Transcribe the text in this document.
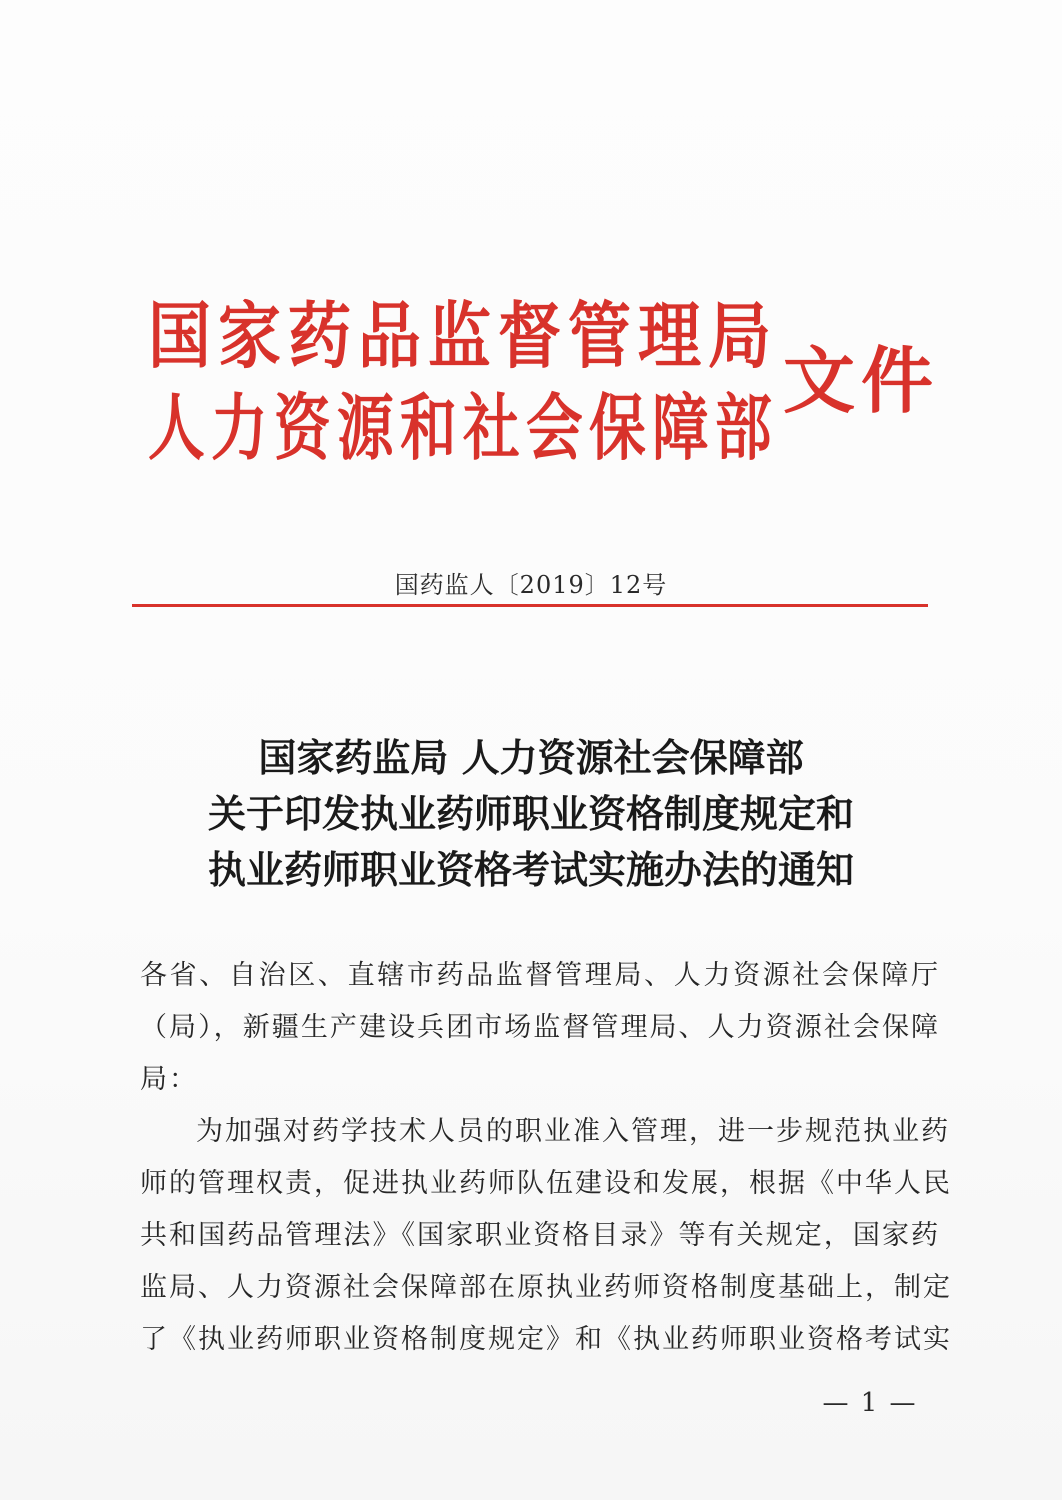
国家药品监督管理局
人力资源和社会保障部
文件
国药监人〔2019〕12号
国家药监局 人力资源社会保障部
关于印发执业药师职业资格制度规定和
执业药师职业资格考试实施办法的通知
各省、自治区、直辖市药品监督管理局、人力资源社会保障厅
（局），新疆生产建设兵团市场监督管理局、人力资源社会保障
局：
为加强对药学技术人员的职业准入管理，进一步规范执业药
师的管理权责，促进执业药师队伍建设和发展，根据《中华人民
共和国药品管理法》《国家职业资格目录》等有关规定，国家药
监局、人力资源社会保障部在原执业药师资格制度基础上，制定
了《执业药师职业资格制度规定》和《执业药师职业资格考试实
— 1 —
